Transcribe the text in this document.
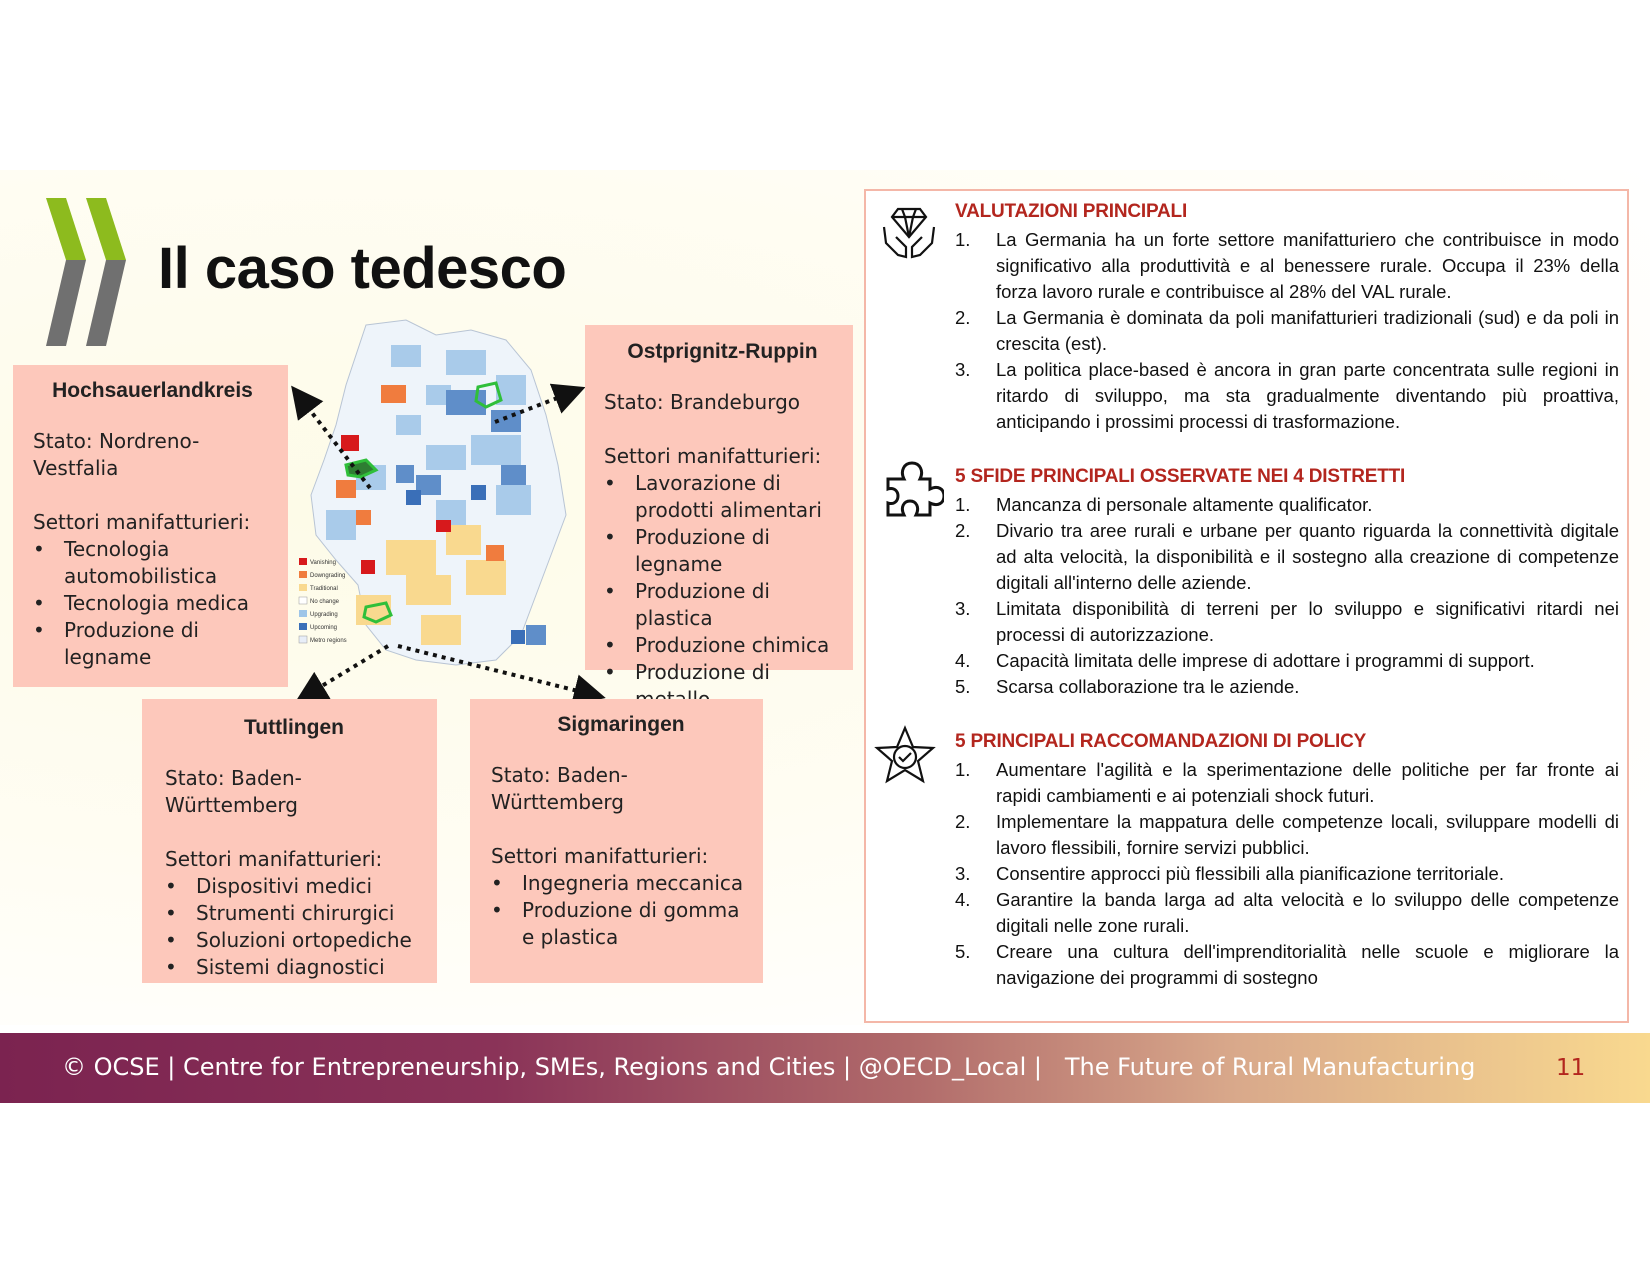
Il caso tedesco
Vanishing
Downgrading
Traditional
No change
Upgrading
Upcoming
Metro regions
Hochsauerlandkreis
Stato: Nordreno-Vestfalia
Settori manifatturieri:
• Tecnologia automobilistica
• Tecnologia medica
• Produzione di legname
Ostprignitz-Ruppin
Stato: Brandeburgo
Settori manifatturieri:
• Lavorazione di prodotti alimentari
• Produzione di legname
• Produzione di plastica
• Produzione chimica
• Produzione di
Tuttlingen
Stato: Baden-Württemberg
Settori manifatturieri:
• Dispositivi medici
• Strumenti chirurgici
• Soluzioni ortopediche
• Sistemi diagnostici
Sigmaringen
Stato: Baden-Württemberg
Settori manifatturieri:
• Ingegneria meccanica
• Produzione di gomma e plastica
VALUTAZIONI PRINCIPALI
1. La Germania ha un forte settore manifatturiero che contribuisce in modo significativo alla produttività e al benessere rurale. Occupa il 23% della forza lavoro rurale e contribuisce al 28% del VAL rurale.
2. La Germania è dominata da poli manifatturieri tradizionali (sud) e da poli in crescita (est).
3. La politica place-based è ancora in gran parte concentrata sulle regioni in ritardo di sviluppo, ma sta gradualmente diventando più proattiva, anticipando i prossimi processi di trasformazione.
5 SFIDE PRINCIPALI OSSERVATE NEI 4 DISTRETTI
1. Mancanza di personale altamente qualificator.
2. Divario tra aree rurali e urbane per quanto riguarda la connettività digitale ad alta velocità, la disponibilità e il sostegno alla creazione di competenze digitali all'interno delle aziende.
3. Limitata disponibilità di terreni per lo sviluppo e significativi ritardi nei processi di autorizzazione.
4. Capacità limitata delle imprese di adottare i programmi di support.
5. Scarsa collaborazione tra le aziende.
5 PRINCIPALI RACCOMANDAZIONI DI POLICY
1. Aumentare l'agilità e la sperimentazione delle politiche per far fronte ai rapidi cambiamenti e ai potenziali shock futuri.
2. Implementare la mappatura delle competenze locali, sviluppare modelli di lavoro flessibili, fornire servizi pubblici.
3. Consentire approcci più flessibili alla pianificazione territoriale.
4. Garantire la banda larga ad alta velocità e lo sviluppo delle competenze digitali nelle zone rurali.
5. Creare una cultura dell'imprenditorialità nelle scuole e migliorare la navigazione dei programmi di sostegno
© OCSE | Centre for Entrepreneurship, SMEs, Regions and Cities | @OECD_Local |   The Future of Rural Manufacturing	11
